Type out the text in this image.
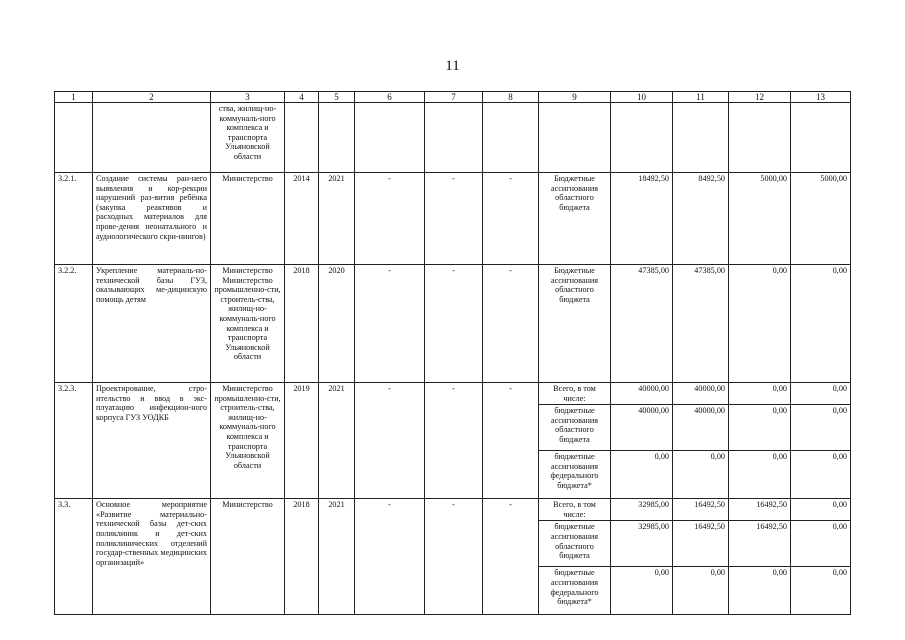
11
1	2	3	4	5	6	7	8	9	10	11	12	13
		ства, жилищ-но-коммуналь-ного комплекса и транспорта Ульяновской области										
3.2.1.	Создание системы ран-него выявления и кор-рекции нарушений раз-вития ребёнка (закупка реактивов и расходных материалов для прове-дения неонатального и аудиологического скри-нингов)	Министерство	2014	2021	-	-	-	Бюджетные ассигнования областного бюджета	18492,50	8492,50	5000,00	5000,00
3.2.2.	Укрепление материаль-но-технической базы ГУЗ, оказывающих ме-дицинскую помощь детям	Министерство Министерство промышленно-сти, строитель-ства, жилищ-но-коммуналь-ного комплекса и транспорта Ульяновской области	2018	2020	-	-	-	Бюджетные ассигнования областного бюджета	47385,00	47385,00	0,00	0,00
3.2.3.	Проектирование, стро-ительство и ввод в экс-плуатацию инфекцион-ного корпуса ГУЗ УОДКБ	Министерство промышленно-сти, строитель-ства, жилищ-но-коммуналь-ного комплекса и транспорта Ульяновской области	2019	2021	-	-	-	Всего, в том числе:	40000,00	40000,00	0,00	0,00
								бюджетные ассигнования областного бюджета	40000,00	40000,00	0,00	0,00
								бюджетные ассигнования федерального бюджета*	0,00	0,00	0,00	0,00
3.3.	Основное мероприятие «Развитие материально-технической базы дет-ских поликлиник и дет-ских поликлинических отделений государ-ственных медицинских организаций»	Министерство	2018	2021	-	-	-	Всего, в том числе:	32985,00	16492,50	16492,50	0,00
								бюджетные ассигнования областного бюджета	32985,00	16492,50	16492,50	0,00
								бюджетные ассигнования федерального бюджета*	0,00	0,00	0,00	0,00
